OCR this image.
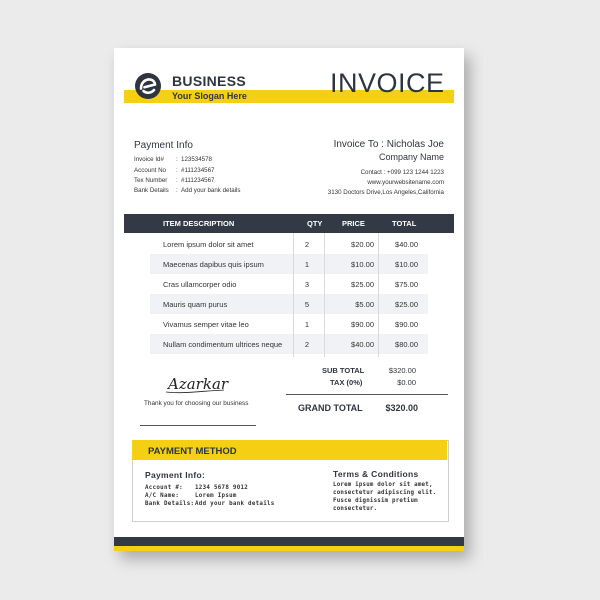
BUSINESS
Your Slogan Here	INVOICE
Payment Info
Invoice Id# : 123534578
Account No : #111234567
Tex Number : #111234567
Bank Details : Add your bank details
Invoice To : Nicholas Joe
Company Name
Contact : +099 123 1244 1223
www.yourwebsitename.com
3130 Doctors Drive,Los Angeles,California
ITEM DESCRIPTION	QTY	PRICE	TOTAL
Lorem ipsum dolor sit amet	2	$20.00	$40.00
Maecenas dapibus quis ipsum	1	$10.00	$10.00
Cras ullamcorper odio	3	$25.00	$75.00
Mauris quam purus	5	$5.00	$25.00
Vivamus semper vitae leo	1	$90.00	$90.00
Nullam condimentum ultrices neque	2	$40.00	$80.00
Azarkar
Thank you for choosing our business
SUB TOTAL	$320.00
TAX (0%)	$0.00
GRAND TOTAL	$320.00
PAYMENT METHOD
Payment Info:
Account #: 1234 5678 9012
A/C Name:	Lorem Ipsum
Bank Details:Add your bank details
Terms & Conditions
Lorem ipsum dolor sit amet, consectetur adipiscing elit. Fusce dignissim pretium consectetur.
